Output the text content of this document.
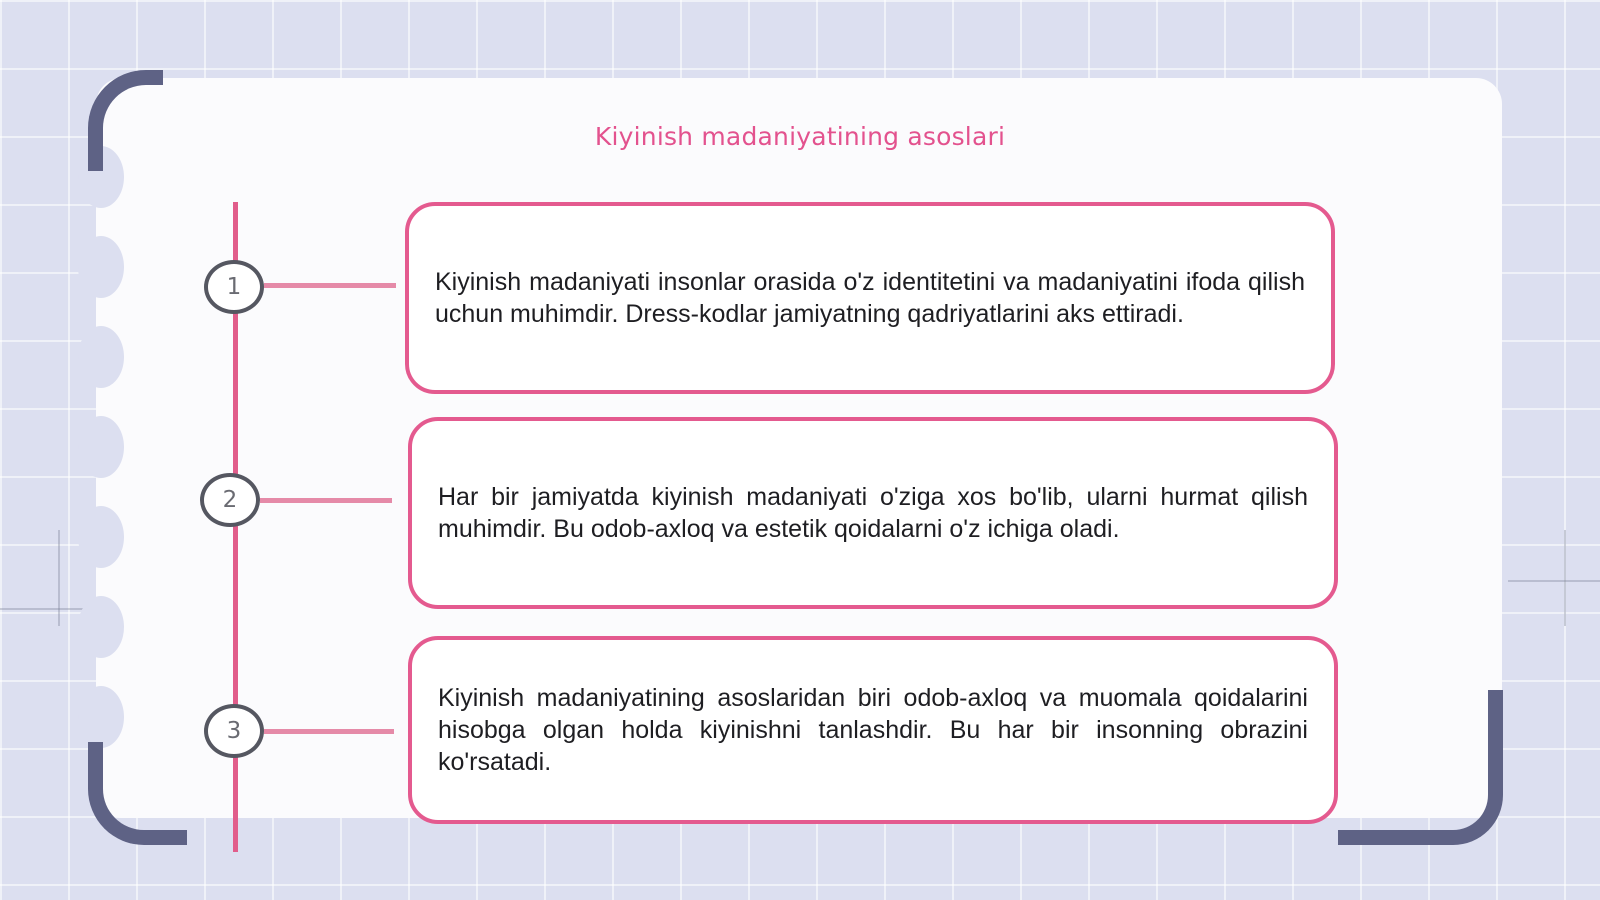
Kiyinish madaniyatining asoslari
1	Kiyinish madaniyati insonlar orasida o'z identitetini va madaniyatini ifoda qilish uchun muhimdir. Dress-kodlar jamiyatning qadriyatlarini aks ettiradi.
2	Har bir jamiyatda kiyinish madaniyati o'ziga xos bo'lib, ularni hurmat qilish muhimdir. Bu odob-axloq va estetik qoidalarni o'z ichiga oladi.
3
Kiyinish madaniyatining asoslaridan biri odob-axloq va muomala qoidalarini hisobga olgan holda kiyinishni tanlashdir. Bu har bir insonning obrazini ko'rsatadi.
